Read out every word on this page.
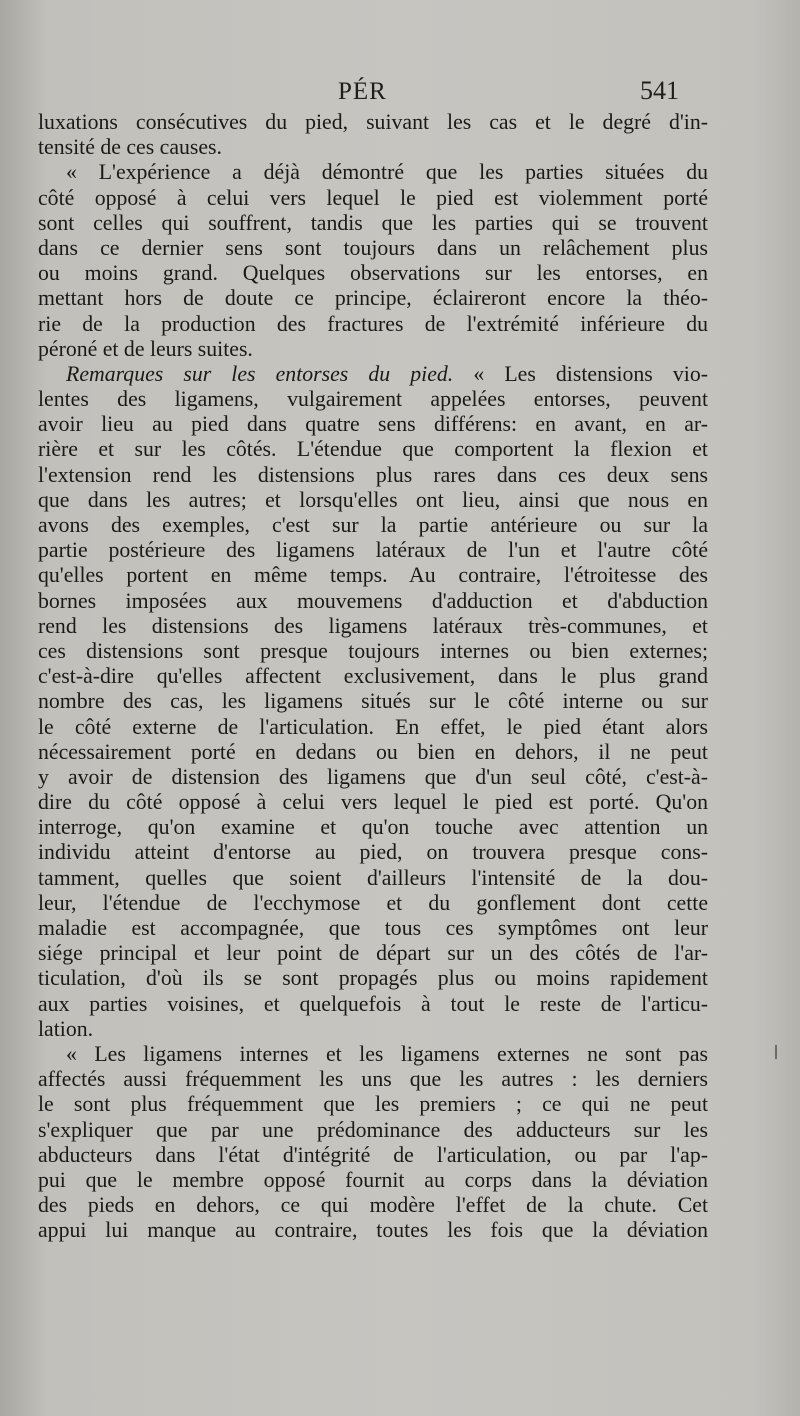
PÉR	541
luxations consécutives du pied, suivant les cas et le degré d'in-
tensité de ces causes.
« L'expérience a déjà démontré que les parties situées du
côté opposé à celui vers lequel le pied est violemment porté
sont celles qui souffrent, tandis que les parties qui se trouvent
dans ce dernier sens sont toujours dans un relâchement plus
ou moins grand. Quelques observations sur les entorses, en
mettant hors de doute ce principe, éclaireront encore la théo-
rie de la production des fractures de l'extrémité inférieure du
péroné et de leurs suites.
Remarques sur les entorses du pied. « Les distensions vio-
lentes des ligamens, vulgairement appelées entorses, peuvent
avoir lieu au pied dans quatre sens différens: en avant, en ar-
rière et sur les côtés. L'étendue que comportent la flexion et
l'extension rend les distensions plus rares dans ces deux sens
que dans les autres; et lorsqu'elles ont lieu, ainsi que nous en
avons des exemples, c'est sur la partie antérieure ou sur la
partie postérieure des ligamens latéraux de l'un et l'autre côté
qu'elles portent en même temps. Au contraire, l'étroitesse des
bornes imposées aux mouvemens d'adduction et d'abduction
rend les distensions des ligamens latéraux très-communes, et
ces distensions sont presque toujours internes ou bien externes;
c'est-à-dire qu'elles affectent exclusivement, dans le plus grand
nombre des cas, les ligamens situés sur le côté interne ou sur
le côté externe de l'articulation. En effet, le pied étant alors
nécessairement porté en dedans ou bien en dehors, il ne peut
y avoir de distension des ligamens que d'un seul côté, c'est-à-
dire du côté opposé à celui vers lequel le pied est porté. Qu'on
interroge, qu'on examine et qu'on touche avec attention un
individu atteint d'entorse au pied, on trouvera presque cons-
tamment, quelles que soient d'ailleurs l'intensité de la dou-
leur, l'étendue de l'ecchymose et du gonflement dont cette
maladie est accompagnée, que tous ces symptômes ont leur
siége principal et leur point de départ sur un des côtés de l'ar-
ticulation, d'où ils se sont propagés plus ou moins rapidement
aux parties voisines, et quelquefois à tout le reste de l'articu-
lation.
« Les ligamens internes et les ligamens externes ne sont pas
affectés aussi fréquemment les uns que les autres : les derniers
le sont plus fréquemment que les premiers ; ce qui ne peut
s'expliquer que par une prédominance des adducteurs sur les
abducteurs dans l'état d'intégrité de l'articulation, ou par l'ap-
pui que le membre opposé fournit au corps dans la déviation
des pieds en dehors, ce qui modère l'effet de la chute. Cet
appui lui manque au contraire, toutes les fois que la déviation
